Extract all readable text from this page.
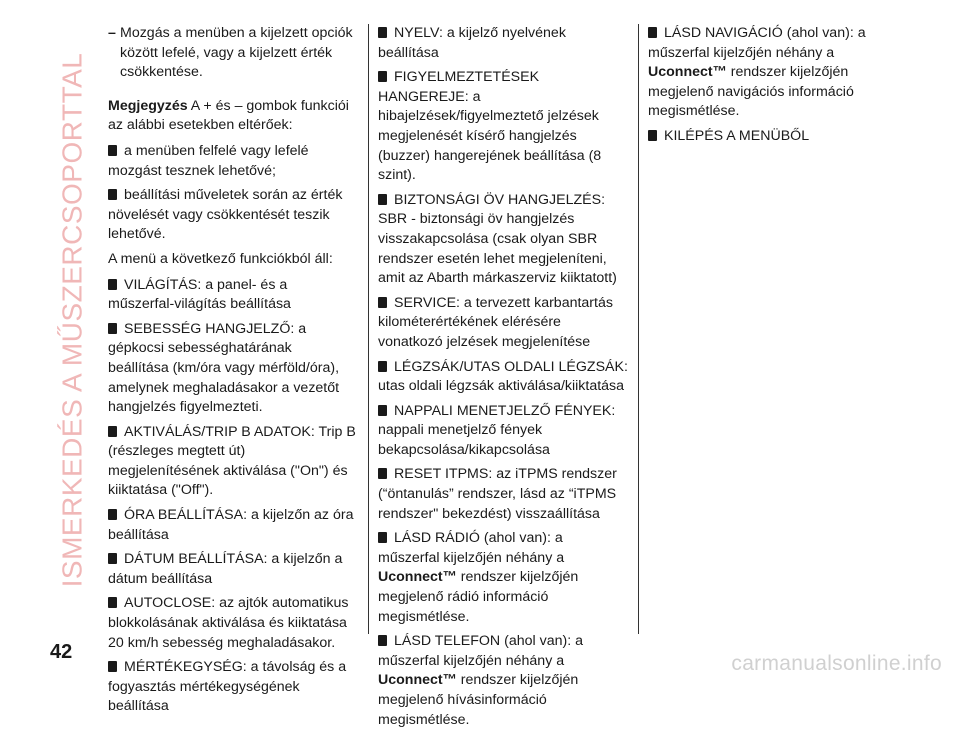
ISMERKEDÉS A MŰSZERCSOPORTTAL
– Mozgás a menüben a kijelzett opciók között lefelé, vagy a kijelzett érték csökkentése.

Megjegyzés A + és – gombok funkciói az alábbi esetekben eltérőek:

a menüben felfelé vagy lefelé mozgást tesznek lehetővé;

beállítási műveletek során az érték növelését vagy csökkentését teszik lehetővé.

A menü a következő funkciókból áll:

VILÁGÍTÁS: a panel- és a műszerfal-világítás beállítása

SEBESSÉG HANGJELZŐ: a gépkocsi sebességhatárának beállítása (km/óra vagy mérföld/óra), amelynek meghaladásakor a vezetőt hangjelzés figyelmezteti.

AKTIVÁLÁS/TRIP B ADATOK: Trip B (részleges megtett út) megjelenítésének aktiválása ("On") és kiiktatása ("Off").

ÓRA BEÁLLÍTÁSA: a kijelzőn az óra beállítása

DÁTUM BEÁLLÍTÁSA: a kijelzőn a dátum beállítása

AUTOCLOSE: az ajtók automatikus blokkolásának aktiválása és kiiktatása 20 km/h sebesség meghaladásakor.

MÉRTÉKEGYSÉG: a távolság és a fogyasztás mértékegységének beállítása

NYELV: a kijelző nyelvének beállítása

FIGYELMEZTETÉSEK HANGEREJE: a hibajelzések/figyelmeztető jelzések megjelenését kísérő hangjelzés (buzzer) hangerejének beállítása (8 szint).

BIZTONSÁGI ÖV HANGJELZÉS: SBR - biztonsági öv hangjelzés visszakapcsolása (csak olyan SBR rendszer esetén lehet megjeleníteni, amit az Abarth márkaszerviz kiiktatott)

SERVICE: a tervezett karbantartás kilométerértékének elérésére vonatkozó jelzések megjelenítése

LÉGZSÁK/UTAS OLDALI LÉGZSÁK: utas oldali légzsák aktiválása/kiiktatása

NAPPALI MENETJELZŐ FÉNYEK: nappali menetjelző fények bekapcsolása/kikapcsolása

RESET ITPMS: az iTPMS rendszer (“öntanulás” rendszer, lásd az “iTPMS rendszer" bekezdést) visszaállítása

LÁSD RÁDIÓ (ahol van): a műszerfal kijelzőjén néhány a Uconnect™ rendszer kijelzőjén megjelenő rádió információ megismétlése.

LÁSD TELEFON (ahol van): a műszerfal kijelzőjén néhány a Uconnect™ rendszer kijelzőjén megjelenő hívásinformáció megismétlése.

LÁSD NAVIGÁCIÓ (ahol van): a műszerfal kijelzőjén néhány a Uconnect™ rendszer kijelzőjén megjelenő navigációs információ megismétlése.

KILÉPÉS A MENÜBŐL

42	carmanualsonline.info
